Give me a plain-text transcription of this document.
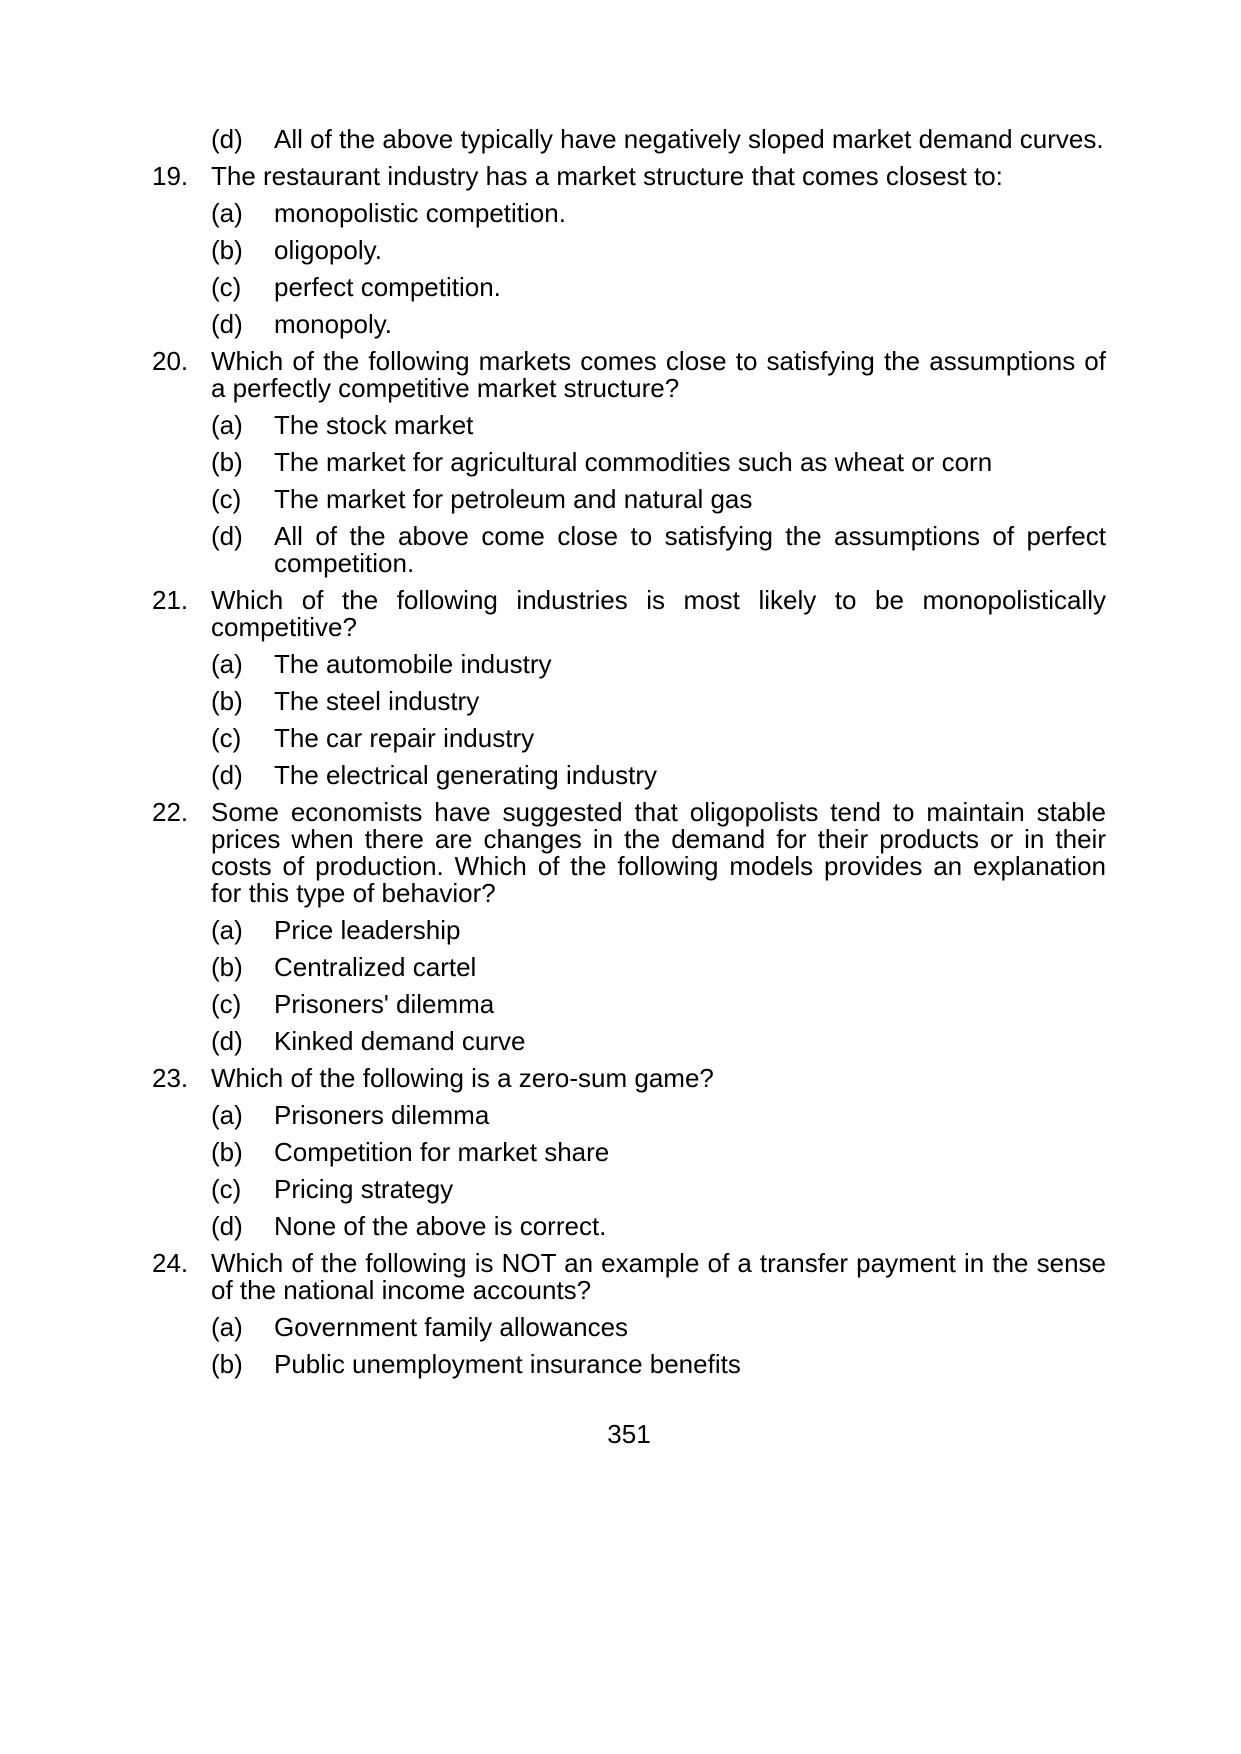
(d)	All of the above typically have negatively sloped market demand curves.
19. The restaurant industry has a market structure that comes closest to:
(a)	monopolistic competition.
(b)	oligopoly.
(c)	perfect competition.
(d)	monopoly.
20. Which of the following markets comes close to satisfying the assumptions of
a perfectly competitive market structure?
(a)	The stock market
(b)	The market for agricultural commodities such as wheat or corn
(c)	The market for petroleum and natural gas
(d)	All of the above come close to satisfying the assumptions of perfect
competition.
21. Which of the following industries is most likely to be monopolistically
competitive?
(a)	The automobile industry
(b)	The steel industry
(c)	The car repair industry
(d)	The electrical generating industry
22. Some economists have suggested that oligopolists tend to maintain stable
prices when there are changes in the demand for their products or in their
costs of production. Which of the following models provides an explanation
for this type of behavior?
(a)	Price leadership
(b)	Centralized cartel
(c)	Prisoners' dilemma
(d)	Kinked demand curve
23. Which of the following is a zero-sum game?
(a)	Prisoners dilemma
(b)	Competition for market share
(c)	Pricing strategy
(d)	None of the above is correct.
24. Which of the following is NOT an example of a transfer payment in the sense
of the national income accounts?
(a)	Government family allowances
(b)	Public unemployment insurance benefits
351
